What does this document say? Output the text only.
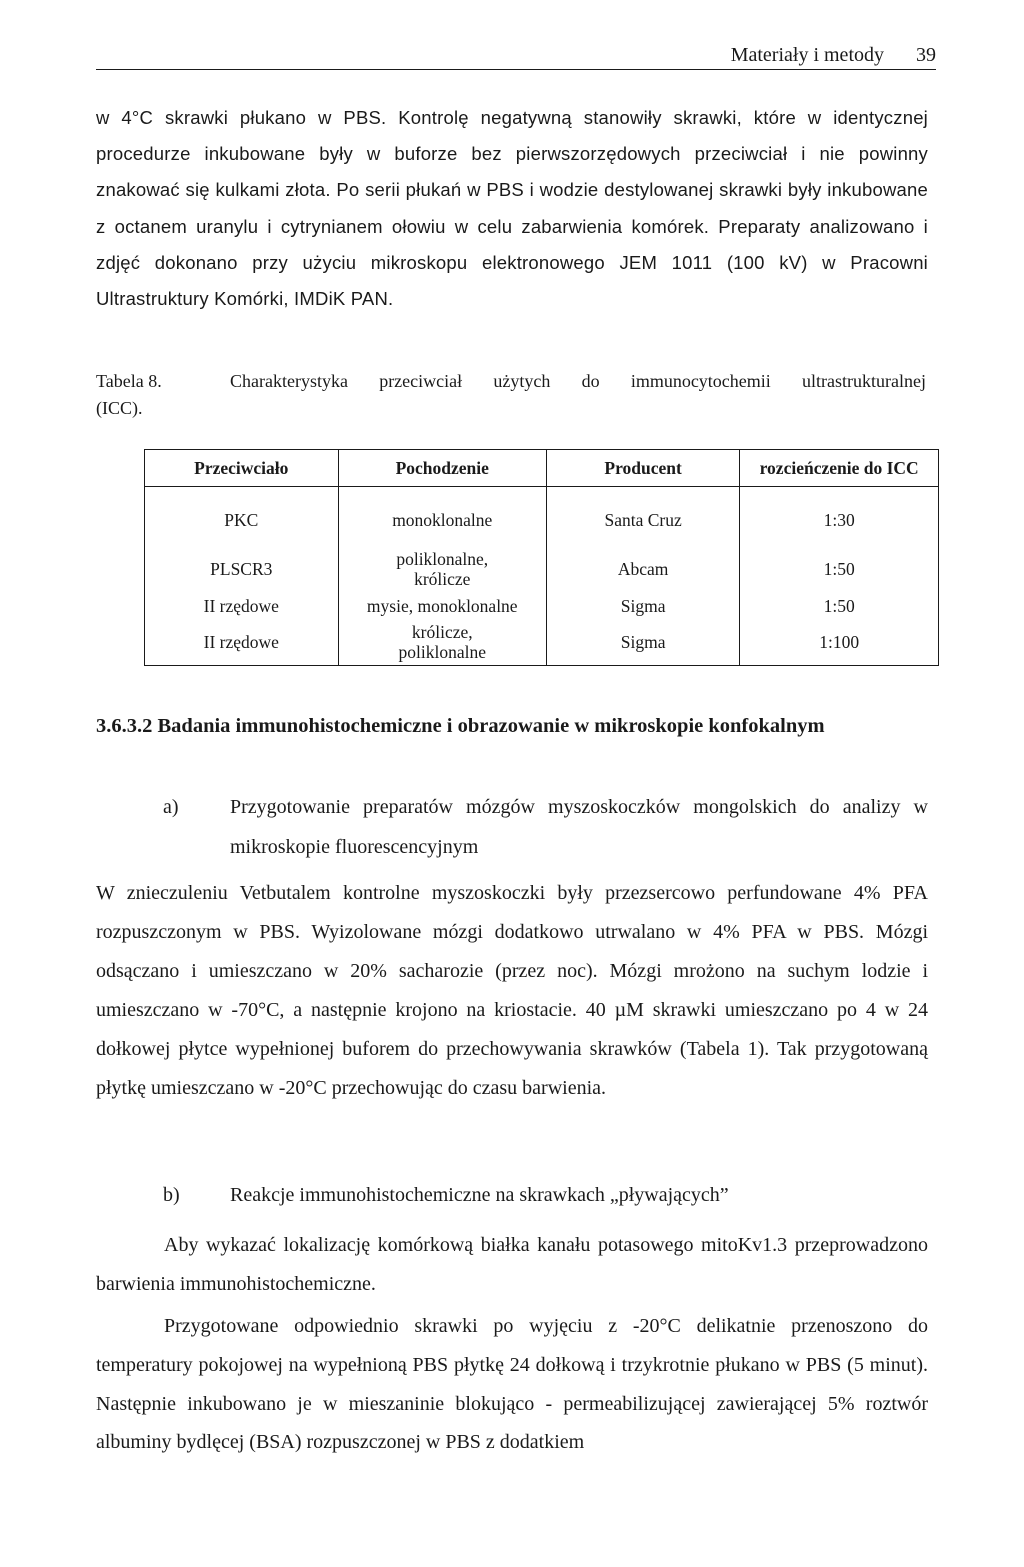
Materiały i metody 39

w 4°C skrawki płukano w PBS. Kontrolę negatywną stanowiły skrawki, które w identycznej procedurze inkubowane były w buforze bez pierwszorzędowych przeciwciał i nie powinny znakować się kulkami złota. Po serii płukań w PBS i wodzie destylowanej skrawki były inkubowane z octanem uranylu i cytrynianem ołowiu w celu zabarwienia komórek. Preparaty analizowano i zdjęć dokonano przy użyciu mikroskopu elektronowego JEM 1011 (100 kV) w Pracowni Ultrastruktury Komórki, IMDiK PAN.

Tabela 8.	Charakterystyka przeciwciał użytych do immunocytochemii ultrastrukturalnej
(ICC).
Przeciwciało	Pochodzenie	Producent	rozcieńczenie do ICC
PKC	monoklonalne	Santa Cruz	1:30
PLSCR3	poliklonalne, królicze	Abcam	1:50
II rzędowe	mysie, monoklonalne	Sigma	1:50
II rzędowe	królicze, poliklonalne	Sigma	1:100
3.6.3.2 Badania immunohistochemiczne i obrazowanie w mikroskopie konfokalnym
a)	Przygotowanie preparatów mózgów myszoskoczków mongolskich do analizy w mikroskopie fluorescencyjnym

W znieczuleniu Vetbutalem kontrolne myszoskoczki były przezsercowo perfundowane 4% PFA rozpuszczonym w PBS. Wyizolowane mózgi dodatkowo utrwalano w 4% PFA w PBS. Mózgi odsączano i umieszczano w 20% sacharozie (przez noc). Mózgi mrożono na suchym lodzie i umieszczano w -70°C, a następnie krojono na kriostacie. 40 µM skrawki umieszczano po 4 w 24 dołkowej płytce wypełnionej buforem do przechowywania skrawków (Tabela 1). Tak przygotowaną płytkę umieszczano w -20°C przechowując do czasu barwienia.

b)	Reakcje immunohistochemiczne na skrawkach „pływających”

Aby wykazać lokalizację komórkową białka kanału potasowego mitoKv1.3 przeprowadzono barwienia immunohistochemiczne.

Przygotowane odpowiednio skrawki po wyjęciu z -20°C delikatnie przenoszono do temperatury pokojowej na wypełnioną PBS płytkę 24 dołkową i trzykrotnie płukano w PBS (5 minut). Następnie inkubowano je w mieszaninie blokująco - permeabilizującej zawierającej 5% roztwór albuminy bydlęcej (BSA) rozpuszczonej w PBS z dodatkiem
